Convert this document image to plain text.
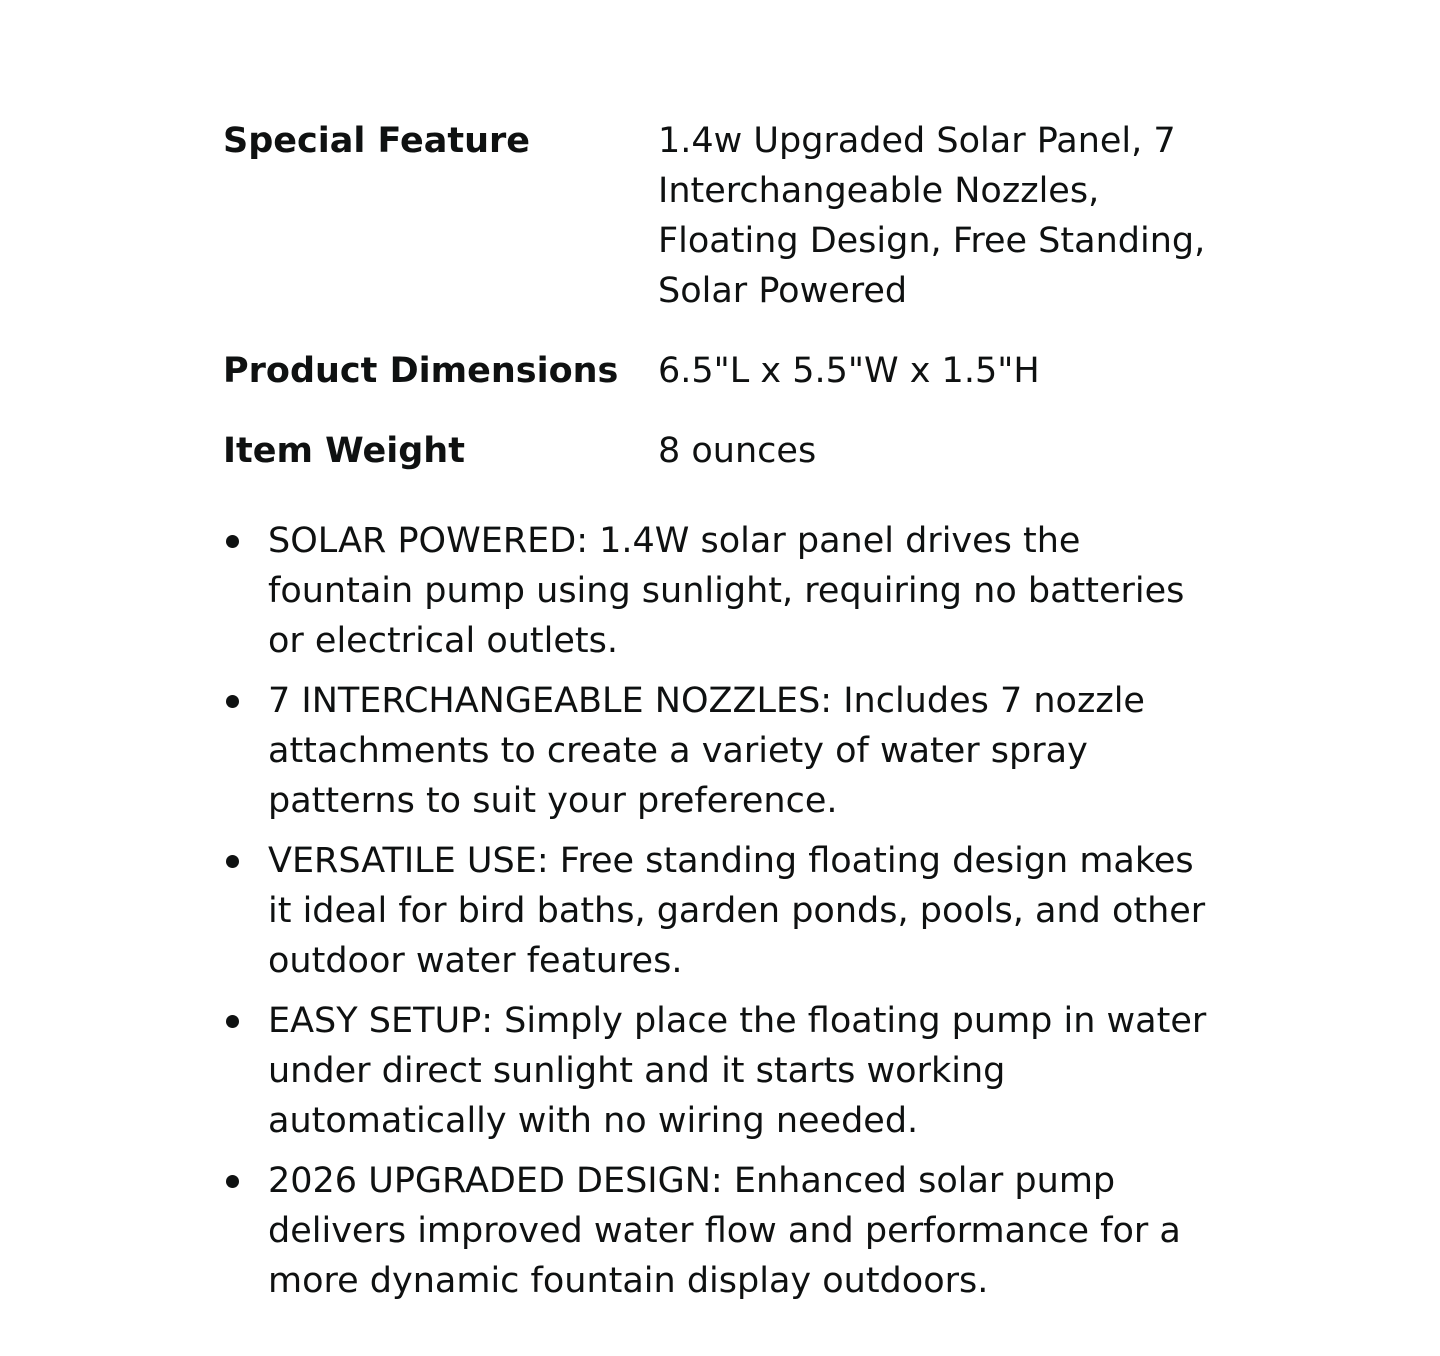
Special Feature	1.4w Upgraded Solar Panel, 7 Interchangeable Nozzles, Floating Design, Free Standing, Solar Powered
Product Dimensions	6.5"L x 5.5"W x 1.5"H
Item Weight	8 ounces
SOLAR POWERED: 1.4W solar panel drives the fountain pump using sunlight, requiring no batteries or electrical outlets.
7 INTERCHANGEABLE NOZZLES: Includes 7 nozzle attachments to create a variety of water spray patterns to suit your preference.
VERSATILE USE: Free standing floating design makes it ideal for bird baths, garden ponds, pools, and other outdoor water features.
EASY SETUP: Simply place the floating pump in water under direct sunlight and it starts working automatically with no wiring needed.
2026 UPGRADED DESIGN: Enhanced solar pump delivers improved water flow and performance for a more dynamic fountain display outdoors.
